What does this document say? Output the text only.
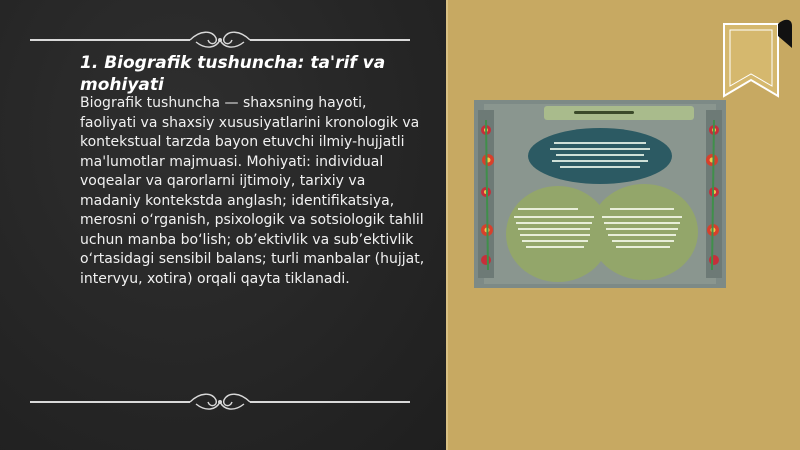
1. Biografik tushuncha: ta'rif va mohiyati

Biografik tushuncha — shaxsning hayoti, faoliyati va shaxsiy xususiyatlarini kronologik va kontekstual tarzda bayon etuvchi ilmiy-hujjatli ma'lumotlar majmuasi. Mohiyati: individual voqealar va qarorlarni ijtimoiy, tarixiy va madaniy kontekstda anglash; identifikatsiya, merosni o‘rganish, psixologik va sotsiologik tahlil uchun manba bo‘lish; ob’ektivlik va sub’ektivlik o‘rtasidagi sensibil balans; turli manbalar (hujjat, intervyu, xotira) orqali qayta tiklanadi.
